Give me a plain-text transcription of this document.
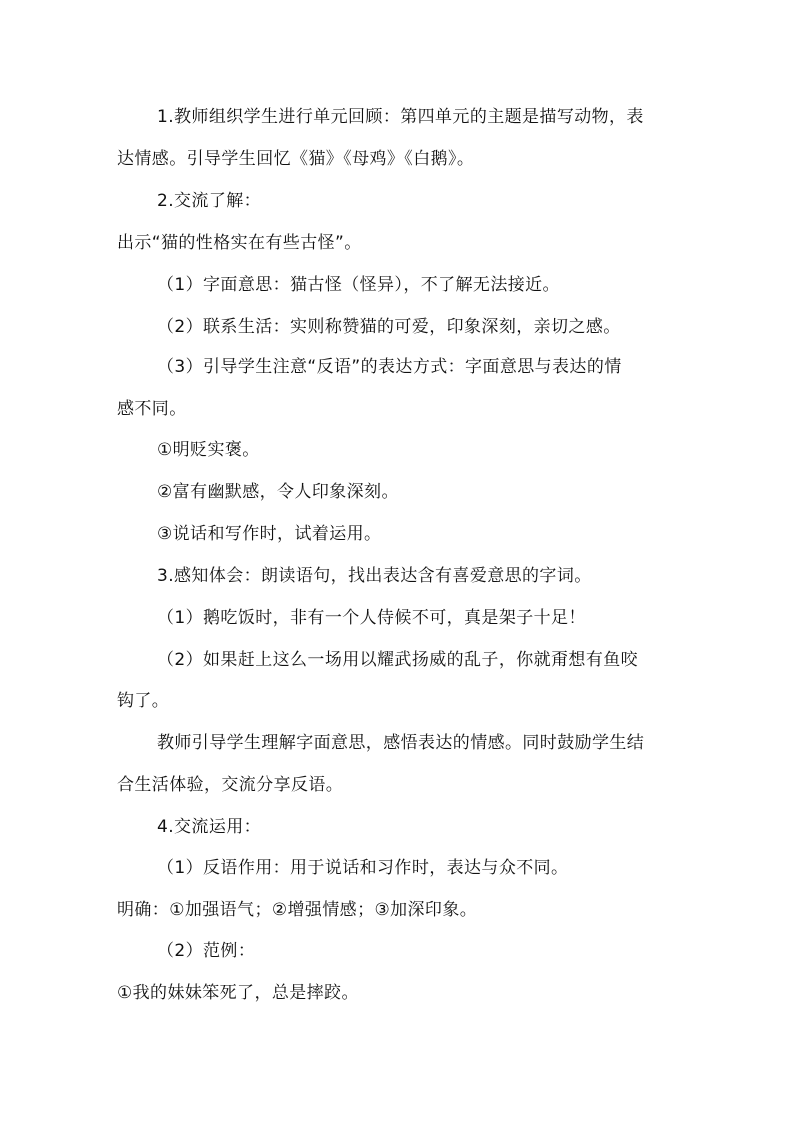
1.教师组织学生进行单元回顾：第四单元的主题是描写动物，表
达情感。引导学生回忆《猫》《母鸡》《白鹅》。
2.交流了解：
出示“猫的性格实在有些古怪”。
（1）字面意思：猫古怪（怪异），不了解无法接近。
（2）联系生活：实则称赞猫的可爱，印象深刻，亲切之感。
（3）引导学生注意“反语”的表达方式：字面意思与表达的情
感不同。
①明贬实褒。
②富有幽默感，令人印象深刻。
③说话和写作时，试着运用。
3.感知体会：朗读语句，找出表达含有喜爱意思的字词。
（1）鹅吃饭时，非有一个人侍候不可，真是架子十足！
（2）如果赶上这么一场用以耀武扬威的乱子，你就甭想有鱼咬
钩了。
教师引导学生理解字面意思，感悟表达的情感。同时鼓励学生结
合生活体验，交流分享反语。
4.交流运用：
（1）反语作用：用于说话和习作时，表达与众不同。
明确：①加强语气；②增强情感；③加深印象。
（2）范例：
①我的妹妹笨死了，总是摔跤。
